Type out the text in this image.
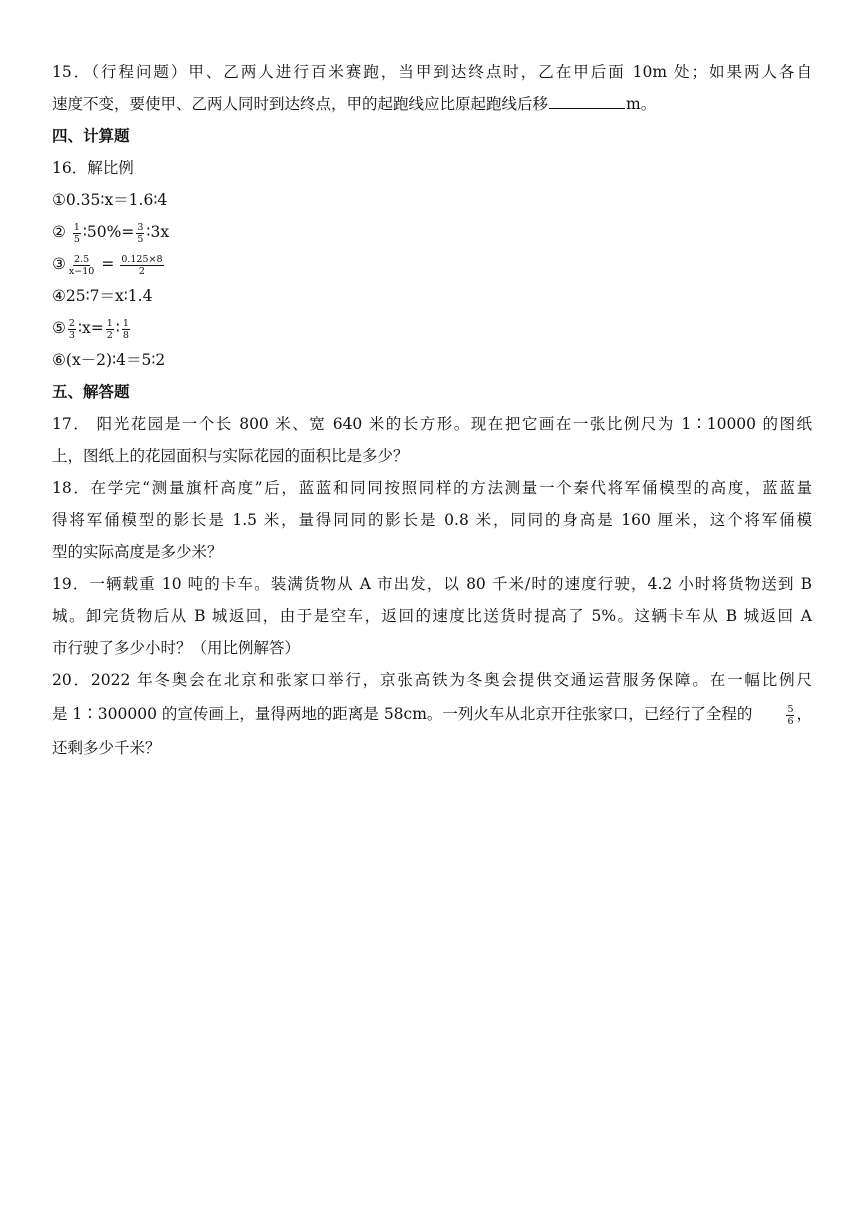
15．（行程问题）甲、乙两人进行百米赛跑，当甲到达终点时，乙在甲后面 10m 处；如果两人各自
速度不变，要使甲、乙两人同时到达终点，甲的起跑线应比原起跑线后移	m。
四、计算题
16．解比例
①0.35∶x＝1.6∶4
② $\frac{1}{5}$ ∶50%= $\frac{3}{5}$ ∶3x
③ $\frac{2.5}{x-10} = \frac{0.125\times 8}{2}$
④25∶7＝x∶1.4
⑤ $\frac{2}{3}$ ∶x= $\frac{1}{2}$ ∶ $\frac{1}{8}$
⑥(x－2)∶4＝5∶2
五、解答题
17． 阳光花园是一个长 800 米、宽 640 米的长方形。现在把它画在一张比例尺为 1∶10000 的图纸
上，图纸上的花园面积与实际花园的面积比是多少？
18．在学完“测量旗杆高度”后，蓝蓝和同同按照同样的方法测量一个秦代将军俑模型的高度，蓝蓝量
得将军俑模型的影长是 1.5 米，量得同同的影长是 0.8 米，同同的身高是 160 厘米，这个将军俑模
型的实际高度是多少米？
19．一辆载重 10 吨的卡车。装满货物从 A 市出发，以 80 千米/时的速度行驶，4.2 小时将货物送到 B
城。卸完货物后从 B 城返回，由于是空车，返回的速度比送货时提高了 5%。这辆卡车从 B 城返回 A
市行驶了多少小时？（用比例解答）
20．2022 年冬奥会在北京和张家口举行，京张高铁为冬奥会提供交通运营服务保障。在一幅比例尺
是 1∶300000 的宣传画上，量得两地的距离是 58cm。一列火车从北京开往张家口，已经行了全程的	$\frac{5}{6}$ ，
还剩多少千米？
